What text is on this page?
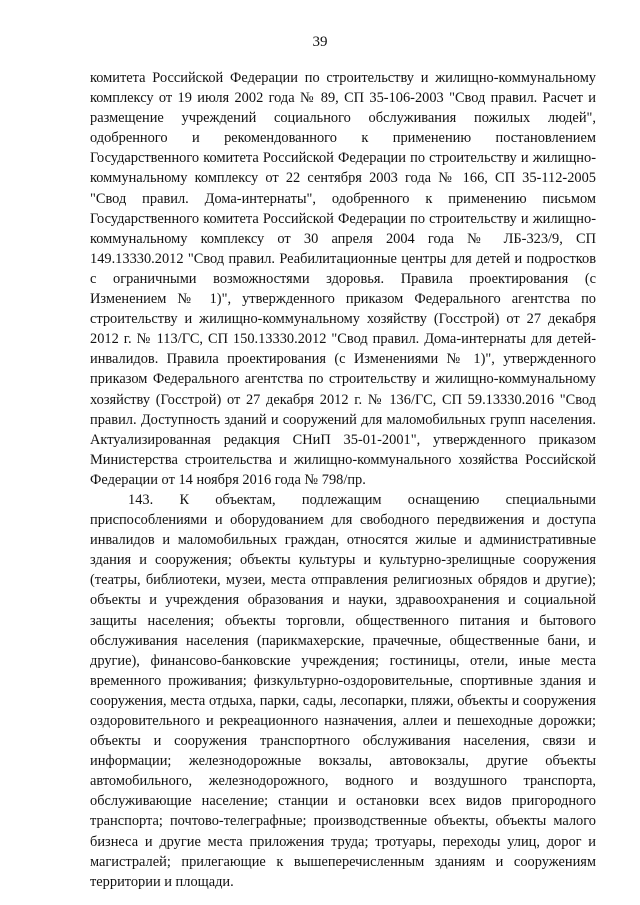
39

комитета Российской Федерации по строительству и жилищно-коммунальному комплексу от 19 июля 2002 года № 89, СП 35-106-2003 "Свод правил. Расчет и размещение учреждений социального обслуживания пожилых людей", одобренного и рекомендованного к применению постановлением Государственного комитета Российской Федерации по строительству и жилищно-коммунальному комплексу от 22 сентября 2003 года № 166, СП 35-112-2005 "Свод правил. Дома-интернаты", одобренного к применению письмом Государственного комитета Российской Федерации по строительству и жилищно-коммунальному комплексу от 30 апреля 2004 года № ЛБ-323/9, СП 149.13330.2012 "Свод правил. Реабилитационные центры для детей и подростков с ограничными возможностями здоровья. Правила проектирования (с Изменением № 1)", утвержденного приказом Федерального агентства по строительству и жилищно-коммунальному хозяйству (Госстрой) от 27 декабря 2012 г. № 113/ГС, СП 150.13330.2012 "Свод правил. Дома-интернаты для детей-инвалидов. Правила проектирования (с Изменениями № 1)", утвержденного приказом Федерального агентства по строительству и жилищно-коммунальному хозяйству (Госстрой) от 27 декабря 2012 г. № 136/ГС, СП 59.13330.2016 "Свод правил. Доступность зданий и сооружений для маломобильных групп населения. Актуализированная редакция СНиП 35-01-2001", утвержденного приказом Министерства строительства и жилищно-коммунального хозяйства Российской Федерации от 14 ноября 2016 года № 798/пр.

143. К объектам, подлежащим оснащению специальными приспособлениями и оборудованием для свободного передвижения и доступа инвалидов и маломобильных граждан, относятся жилые и административные здания и сооружения; объекты культуры и культурно-зрелищные сооружения (театры, библиотеки, музеи, места отправления религиозных обрядов и другие); объекты и учреждения образования и науки, здравоохранения и социальной защиты населения; объекты торговли, общественного питания и бытового обслуживания населения (парикмахерские, прачечные, общественные бани, и другие), финансово-банковские учреждения; гостиницы, отели, иные места временного проживания; физкультурно-оздоровительные, спортивные здания и сооружения, места отдыха, парки, сады, лесопарки, пляжи, объекты и сооружения оздоровительного и рекреационного назначения, аллеи и пешеходные дорожки; объекты и сооружения транспортного обслуживания населения, связи и информации; железнодорожные вокзалы, автовокзалы, другие объекты автомобильного, железнодорожного, водного и воздушного транспорта, обслуживающие население; станции и остановки всех видов пригородного транспорта; почтово-телеграфные; производственные объекты, объекты малого бизнеса и другие места приложения труда; тротуары, переходы улиц, дорог и магистралей; прилегающие к вышеперечисленным зданиям и сооружениям территории и площади.
